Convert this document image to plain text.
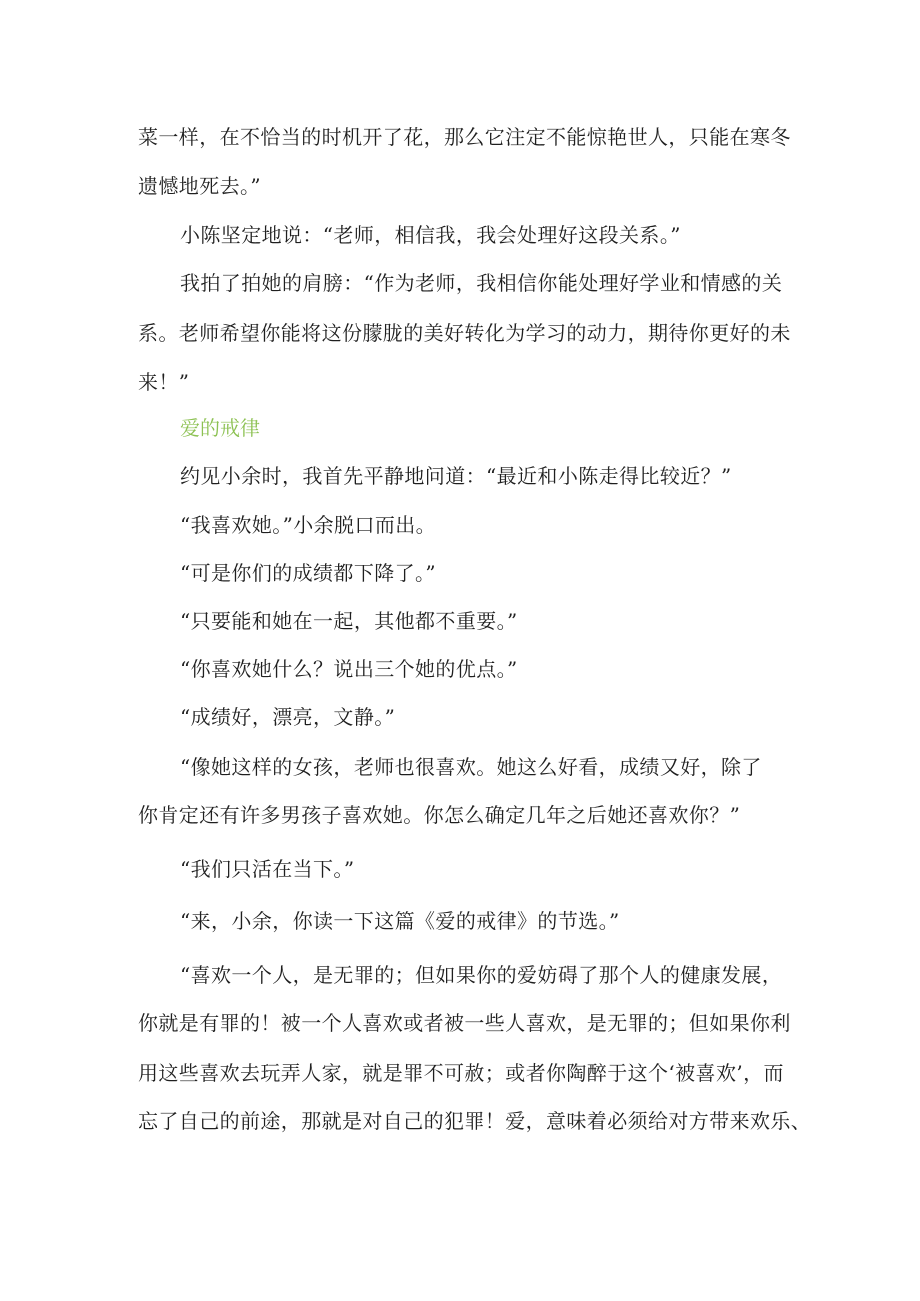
菜一样，在不恰当的时机开了花，那么它注定不能惊艳世人，只能在寒冬
遗憾地死去。”
小陈坚定地说：“老师，相信我，我会处理好这段关系。”
我拍了拍她的肩膀：“作为老师，我相信你能处理好学业和情感的关
系。老师希望你能将这份朦胧的美好转化为学习的动力，期待你更好的未
来！”
爱的戒律
约见小余时，我首先平静地问道：“最近和小陈走得比较近？”
“我喜欢她。”小余脱口而出。
“可是你们的成绩都下降了。”
“只要能和她在一起，其他都不重要。”
“你喜欢她什么？说出三个她的优点。”
“成绩好，漂亮，文静。”
“像她这样的女孩，老师也很喜欢。她这么好看，成绩又好，除了
你肯定还有许多男孩子喜欢她。你怎么确定几年之后她还喜欢你？”
“我们只活在当下。”
“来，小余，你读一下这篇《爱的戒律》的节选。”
“喜欢一个人，是无罪的；但如果你的爱妨碍了那个人的健康发展，
你就是有罪的！被一个人喜欢或者被一些人喜欢，是无罪的；但如果你利
用这些喜欢去玩弄人家，就是罪不可赦；或者你陶醉于这个‘被喜欢’，而
忘了自己的前途，那就是对自己的犯罪！爱，意味着必须给对方带来欢乐、
